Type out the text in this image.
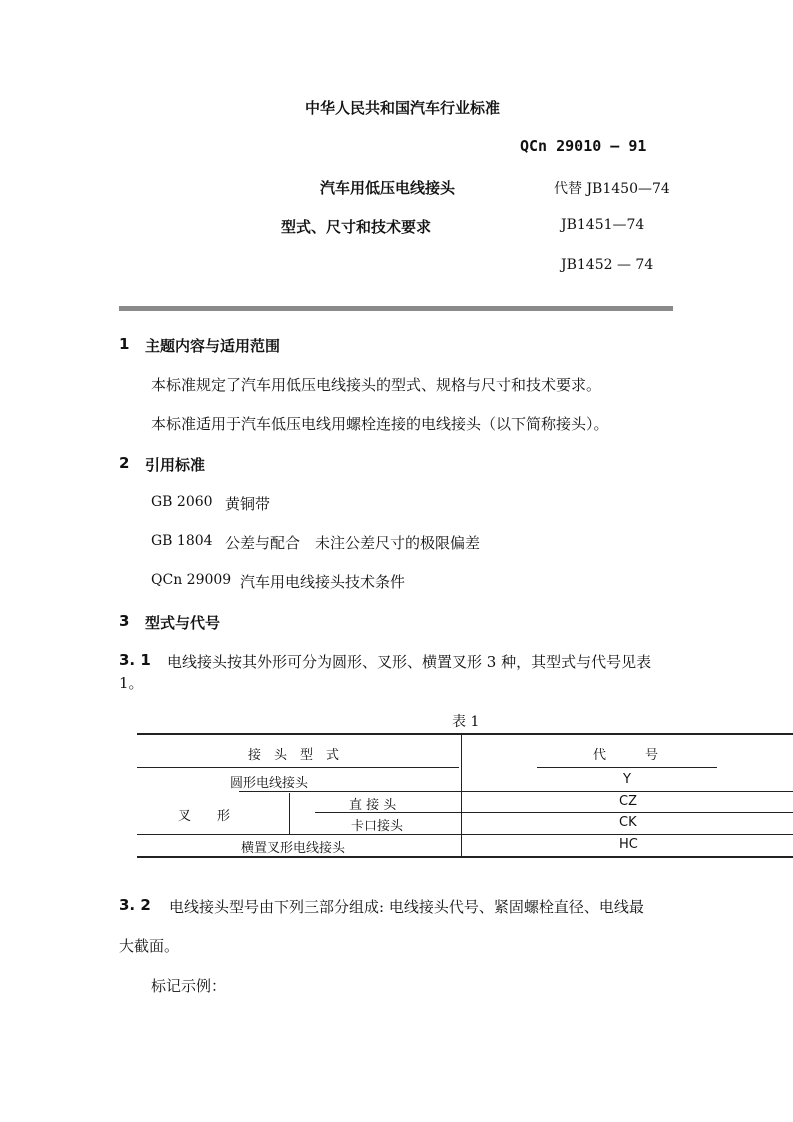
中华人民共和国汽车行业标准
QCn 29010 — 91
汽车用低压电线接头	代替 JB1450—74
型式、尺寸和技术要求	JB1451—74
JB1452 — 74
1 主题内容与适用范围
本标准规定了汽车用低压电线接头的型式、规格与尺寸和技术要求。
本标准适用于汽车低压电线用螺栓连接的电线接头（以下简称接头）。
2 引用标准
GB 2060 黄铜带
GB 1804 公差与配合　未注公差尺寸的极限偏差
QCn 29009 汽车用电线接头技术条件
3 型式与代号
3. 1 电线接头按其外形可分为圆形、叉形、横置叉形 3 种，其型式与代号见表
1。
表 1
接　头　型　式	代　　　号
圆形电线接头	Y
叉　　形
直 接 头	CZ
卡口接头	CK
横置叉形电线接头	HC
3. 2 电线接头型号由下列三部分组成: 电线接头代号、紧固螺栓直径、电线最
大截面。
标记示例：
